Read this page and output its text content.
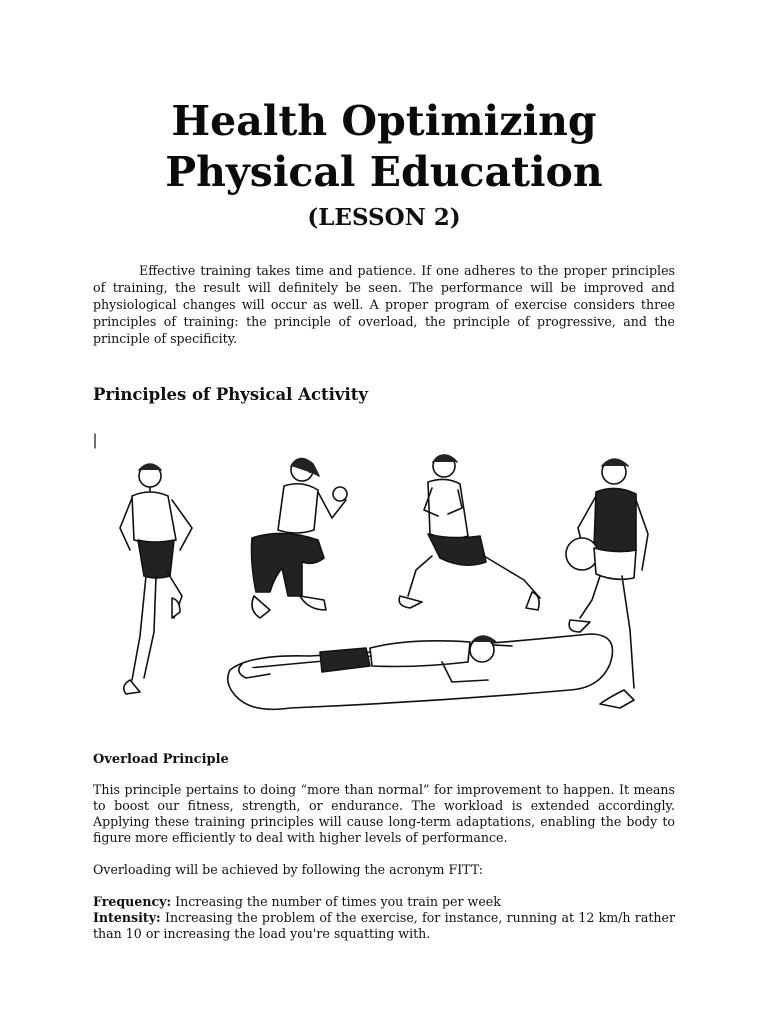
Health Optimizing
Physical Education
(LESSON 2)

Effective training takes time and patience. If one adheres to the proper principles of training, the result will definitely be seen. The performance will be improved and physiological changes will occur as well. A proper program of exercise considers three principles of training: the principle of overload, the principle of progressive, and the principle of specificity.

Principles of Physical Activity
Overload Principle

This principle pertains to doing “more than normal” for improvement to happen. It means to boost our fitness, strength, or endurance. The workload is extended accordingly. Applying these training principles will cause long-term adaptations, enabling the body to figure more efficiently to deal with higher levels of performance.

Overloading will be achieved by following the acronym FITT:

Frequency: Increasing the number of times you train per week

Intensity: Increasing the problem of the exercise, for instance, running at 12 km/h rather than 10 or increasing the load you're squatting with.
